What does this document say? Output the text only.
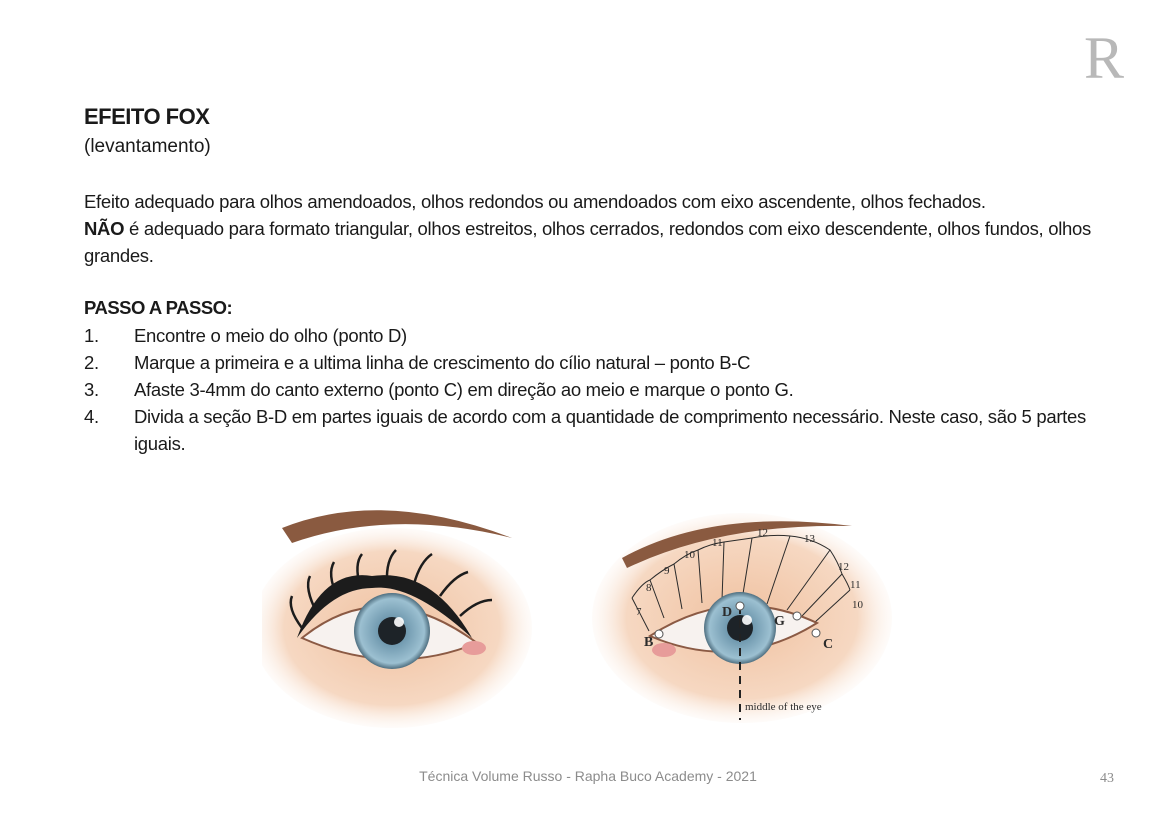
R
EFEITO FOX
(levantamento)
Efeito adequado para olhos amendoados, olhos redondos ou amendoados com eixo ascendente, olhos fechados.
NÃO é adequado para formato triangular, olhos estreitos, olhos cerrados, redondos com eixo descendente, olhos fundos, olhos grandes.
PASSO A PASSO:
1.	Encontre o meio do olho (ponto D)
2.	Marque a primeira e a ultima linha de crescimento do cílio natural – ponto B-C
3.	Afaste 3-4mm do canto externo (ponto C) em direção ao meio e marque o ponto G.
4.	Divida a seção B-D em partes iguais de acordo com a quantidade de comprimento necessário. Neste caso, são 5 partes iguais.
B
D
G
C
7
8
9
10
11
12	13
12
11
10
middle of the eye
Técnica Volume Russo - Rapha Buco Academy - 2021	43
